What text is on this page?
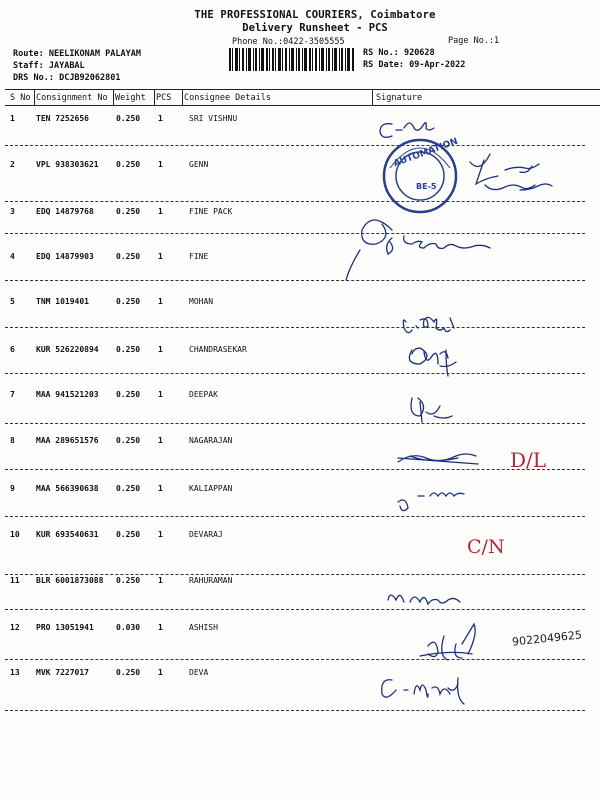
THE PROFESSIONAL COURIERS, Coimbatore
Delivery Runsheet - PCS
Phone No.:0422-3505555	Page No.:1
Route: NEELIKONAM PALAYAM
Staff: JAYABAL
DRS No.: DCJB92062801
RS No.: 920628
RS Date: 09-Apr-2022
S No Consignment No Weight PCS Consignee Details	Signature
1	TEN 7252656	0.250 1	SRI VISHNU
2	VPL 938303621 0.250 1	GENN
3	EDQ 14879768	0.250 1	FINE PACK
4	EDQ 14879903	0.250 1	FINE
5	TNM 1019401	0.250 1	MOHAN
6	KUR 526220894 0.250 1	CHANDRASEKAR
7	MAA 941521203 0.250 1	DEEPAK
8	MAA 289651576 0.250 1	NAGARAJAN
9	MAA 566390638 0.250 1	KALIAPPAN
10 KUR 693540631 0.250 1	DEVARAJ
11 BLR 6001873088 0.250 1	RAHURAMAN
12 PRO 13051941	0.030 1	ASHISH
13 MVK 7227017	0.250 1	DEVA
AUTOMATION
BE-5
D/L
C/N
9022049625
